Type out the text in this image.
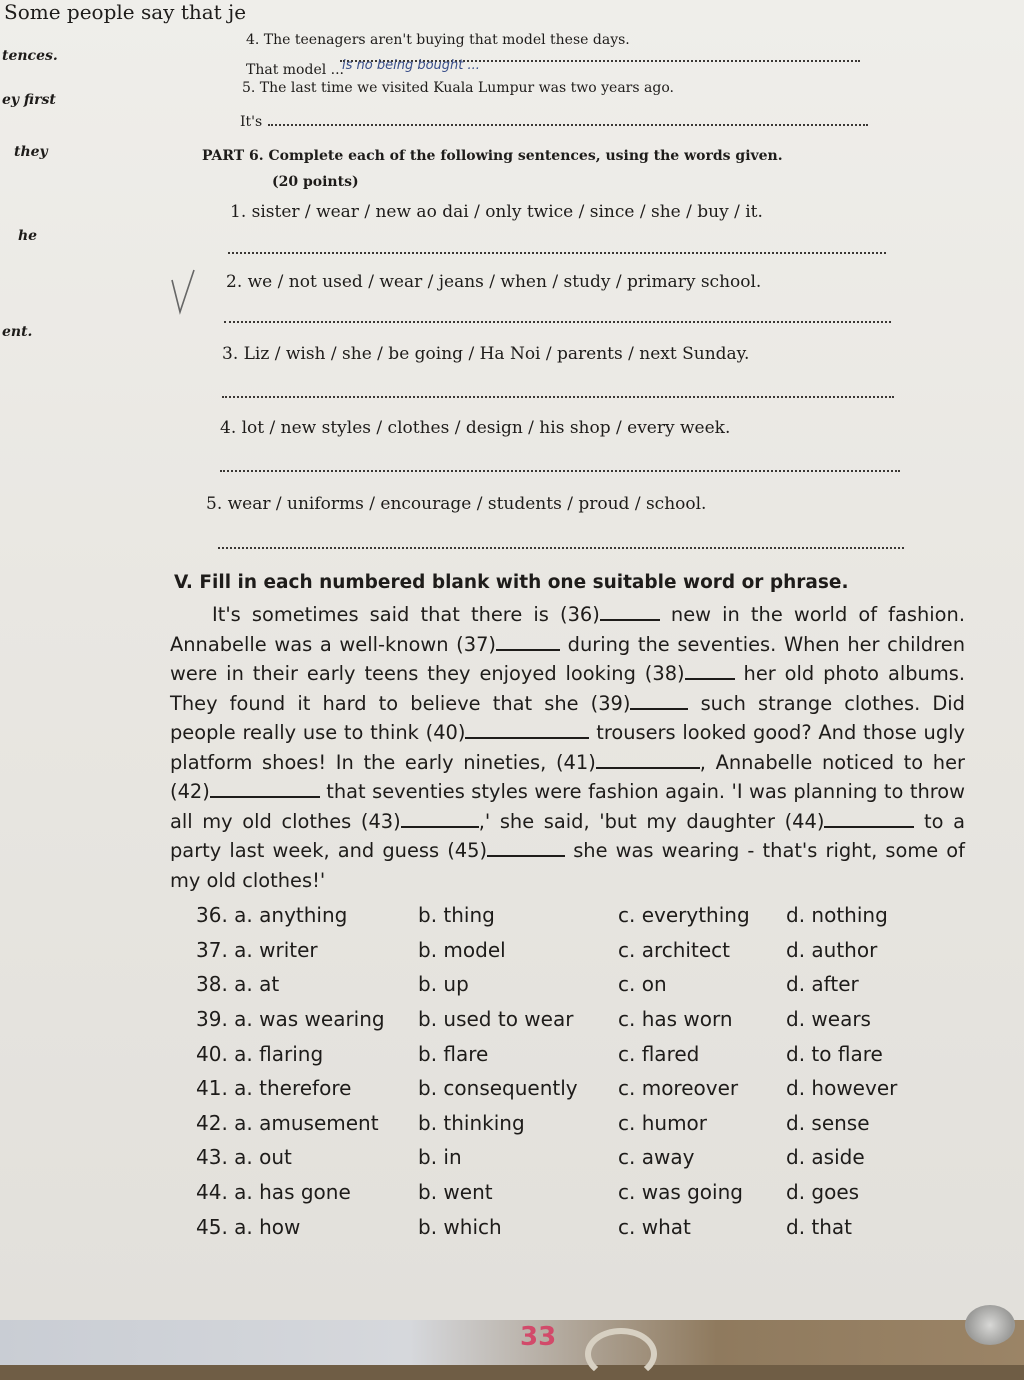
Some people say that je
tences.
ey first
they
he
ent.
4. The teenagers aren't buying that model these days.
That model ...
is no being bought ...
5. The last time we visited Kuala Lumpur was two years ago.
It's
PART 6. Complete each of the following sentences, using the words given.
(20 points)
1. sister / wear / new ao dai / only twice / since / she / buy / it.
2. we / not used / wear / jeans / when / study / primary school.
3. Liz / wish / she / be going / Ha Noi / parents / next Sunday.
4. lot / new styles / clothes / design / his shop / every week.
5. wear / uniforms / encourage / students / proud / school.
V. Fill in each numbered blank with one suitable word or phrase.

It's sometimes said that there is (36)	new in the world of fashion. Annabelle was a well-known (37)	during the seventies. When her children were in their early teens they enjoyed looking (38)	her old photo albums. They found it hard to believe that she (39)	such strange clothes. Did people really use to think (40)	trousers looked good? And those ugly platform shoes! In the early nineties, (41)	, Annabelle noticed to her (42)	that seventies styles were fashion again. 'I was planning to throw all my old clothes (43)	,' she said, 'but my daughter (44)	to a party last week, and guess (45)	she was wearing - that's right, some of my old clothes!'

36. a. anything	b. thing	c. everything	d. nothing
37. a. writer	b. model	c. architect	d. author
38. a. at	b. up	c. on	d. after
39. a. was wearing	b. used to wear	c. has worn	d. wears
40. a. flaring	b. flare	c. flared	d. to flare
41. a. therefore	b. consequently	c. moreover	d. however
42. a. amusement	b. thinking	c. humor	d. sense
43. a. out	b. in	c. away	d. aside
44. a. has gone	b. went	c. was going	d. goes
45. a. how	b. which	c. what	d. that
33
